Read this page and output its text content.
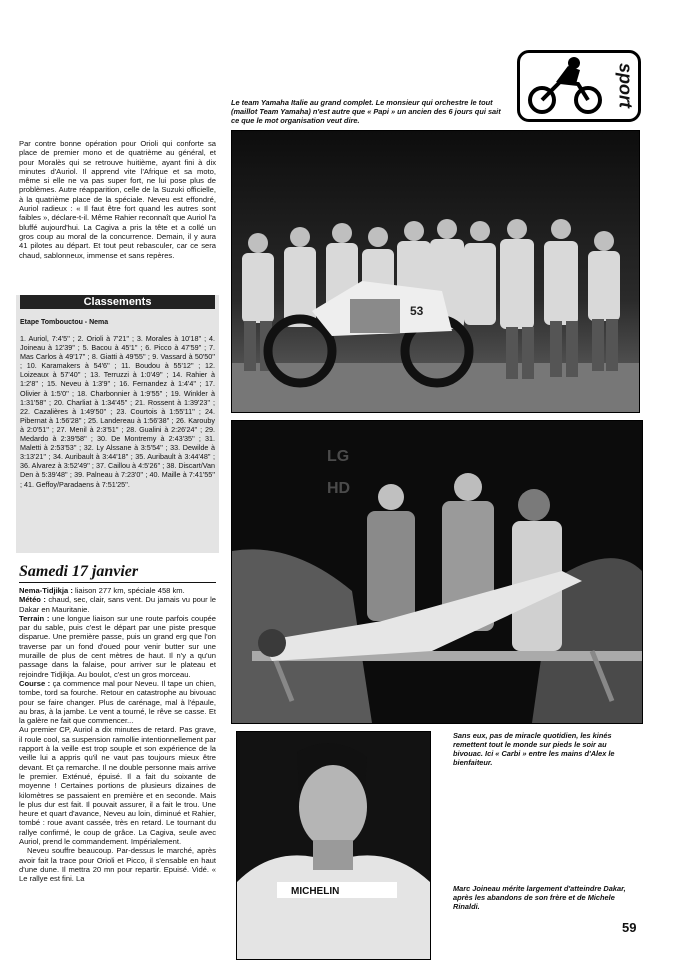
sport
Le team Yamaha Italie au grand complet. Le monsieur qui orchestre le tout (maillot Team Yamaha) n'est autre que « Papi » un ancien des 6 jours qui sait ce que le mot organisation veut dire.
53
Par contre bonne opération pour Orioli qui conforte sa place de premier mono et de quatrième au général, et pour Moralès qui se retrouve huitième, ayant fini à dix minutes d'Auriol. Il apprend vite l'Afrique et sa moto, même si elle ne va pas super fort, ne lui pose plus de problèmes. Autre réapparition, celle de la Suzuki officielle, à la quatrième place de la spéciale. Neveu est effondré, Auriol radieux : « Il faut être fort quand les autres sont faibles », déclare-t-il. Même Rahier reconnaît que Auriol l'a bluffé aujourd'hui. La Cagiva a pris la tête et a collé un gros coup au moral de la concurrence. Demain, il y aura 41 pilotes au départ. Et tout peut rebasculer, car ce sera chaud, sablonneux, immense et sans repères.
Classements
Etape Tombouctou - Nema
1. Auriol, 7:4'5'' ; 2. Orioli à 7'21'' ; 3. Morales à 10'18'' ; 4. Joineau à 12'39'' ; 5. Bacou à 45'1'' ; 6. Picco à 47'59'' ; 7. Mas Carlos à 49'17'' ; 8. Giatti à 49'55'' ; 9. Vassard à 50'50'' ; 10. Karamakers à 54'6'' ; 11. Boudou à 55'12'' ; 12. Loizeaux à 57'40'' ; 13. Terruzzi à 1:0'49'' ; 14. Rahier à 1:2'8'' ; 15. Neveu à 1:3'9'' ; 16. Fernandez à 1:4'4'' ; 17. Olivier à 1:5'0'' ; 18. Charbonnier à 1:9'55'' ; 19. Winkler à 1:31'58'' ; 20. Charliat à 1:34'45'' ; 21. Rossent à 1:39'23'' ; 22. Cazalières à 1:49'50'' ; 23. Courtois à 1:55'11'' ; 24. Pibernat à 1:56'28'' ; 25. Landereau à 1:56'38'' ; 26. Karouby à 2:0'51'' ; 27. Menil à 2:3'51'' ; 28. Gualini à 2:26'24'' ; 29. Medardo à 2:39'58'' ; 30. De Montremy à 2:43'35'' ; 31. Maletti à 2:53'53'' ; 32. Ly Alssane à 3:5'54'' ; 33. Dewilde à 3:13'21'' ; 34. Auribault à 3:44'18'' ; 35. Auribault à 3:44'48'' ; 36. Alvarez à 3:52'49'' ; 37. Caillou à 4:5'26'' ; 38. Discart/Van Den à 5:39'48'' ; 39. Palneau à 7:23'0'' ; 40. Maille à 7:41'55'' ; 41. Geffoy/Paradaens à 7:51'25''.
Samedi 17 janvier
Nema-Tidjikja : liaison 277 km, spéciale 458 km.
Météo : chaud, sec, clair, sans vent. Du jamais vu pour le Dakar en Mauritanie.
Terrain : une longue liaison sur une route parfois coupée par du sable, puis c'est le départ par une piste presque disparue. Une première passe, puis un grand erg que l'on traverse par un fond d'oued pour venir butter sur une muraille de plus de cent mètres de haut. Il n'y a qu'un passage dans la falaise, pour arriver sur le plateau et rejoindre Tidjikja. Au boulot, c'est un gros morceau.
Course : ça commence mal pour Neveu. Il tape un chien, tombe, tord sa fourche. Retour en catastrophe au bivouac pour se faire changer. Plus de carénage, mal à l'épaule, au bras, à la jambe. Le vent a tourné, le rêve se casse. Et la galère ne fait que commencer...
Au premier CP, Auriol a dix minutes de retard. Pas grave, il roule cool, sa suspension ramollie intentionnellement par rapport à la veille est trop souple et son expérience de la veille lui a appris qu'il ne vaut pas toujours mieux être devant. Et ça remarche. Il ne double personne mais arrive le premier. Exténué, épuisé. Il a fait du soixante de moyenne ! Certaines portions de plusieurs dizaines de kilomètres se passaient en première et en seconde. Mais le plus dur est fait. Il pouvait assurer, il a fait le trou. Une heure et quart d'avance, Neveu au loin, diminué et Rahier, tombé : roue avant cassée, très en retard. Le tournant du rallye confirmé, le coup de grâce. La Cagiva, seule avec Auriol, prend le commandement. Impérialement.
Neveu souffre beaucoup. Par-dessus le marché, après avoir fait la trace pour Orioli et Picco, il s'ensable en haut d'une dune. Il mettra 20 mn pour repartir. Epuisé. Vidé. « Le rallye est fini. La
LG
HD
MICHELIN
Sans eux, pas de miracle quotidien, les kinés remettent tout le monde sur pieds le soir au bivouac. Ici « Carbi » entre les mains d'Alex le bienfaiteur.
Marc Joineau mérite largement d'atteindre Dakar, après les abandons de son frère et de Michele Rinaldi.
59
